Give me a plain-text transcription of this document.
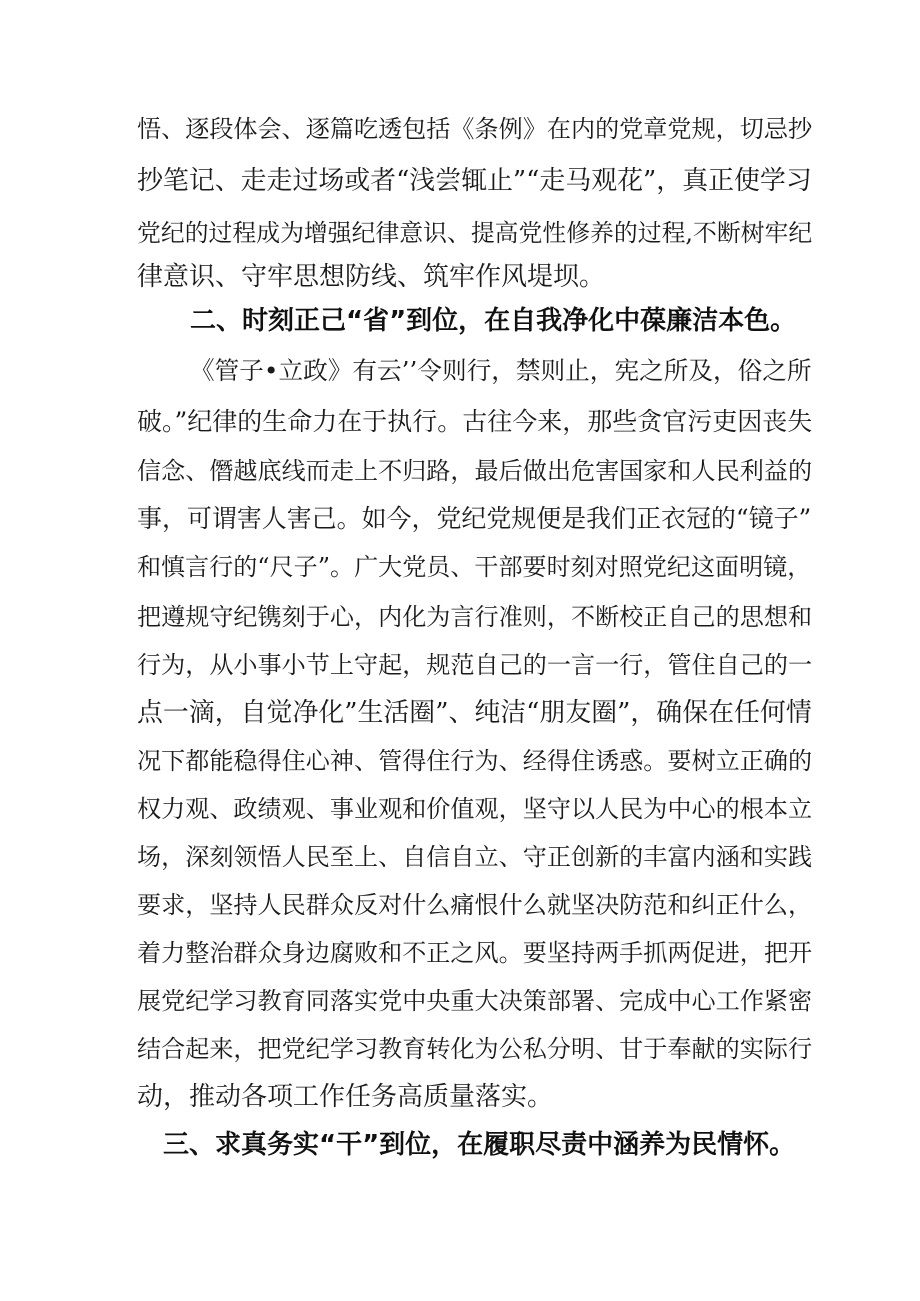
悟、逐段体会、逐篇吃透包括《条例》在内的党章党规，切忌抄
抄笔记、走走过场或者“浅尝辄止”“走马观花”，真正使学习
党纪的过程成为增强纪律意识、提高党性修养的过程,不断树牢纪
律意识、守牢思想防线、筑牢作风堤坝。
二、时刻正己“省”到位，在自我净化中葆廉洁本色。
《管子•立政》有云’’令则行，禁则止，宪之所及，俗之所
破。”纪律的生命力在于执行。古往今来，那些贪官污吏因丧失
信念、僭越底线而走上不归路，最后做出危害国家和人民利益的
事，可谓害人害己。如今，党纪党规便是我们正衣冠的“镜子”
和慎言行的“尺子”。广大党员、干部要时刻对照党纪这面明镜，
把遵规守纪镌刻于心，内化为言行准则，不断校正自己的思想和
行为，从小事小节上守起，规范自己的一言一行，管住自己的一
点一滴，自觉净化”生活圈”、纯洁“朋友圈”，确保在任何情
况下都能稳得住心神、管得住行为、经得住诱惑。要树立正确的
权力观、政绩观、事业观和价值观，坚守以人民为中心的根本立
场，深刻领悟人民至上、自信自立、守正创新的丰富内涵和实践
要求，坚持人民群众反对什么痛恨什么就坚决防范和纠正什么，
着力整治群众身边腐败和不正之风。要坚持两手抓两促进，把开
展党纪学习教育同落实党中央重大决策部署、完成中心工作紧密
结合起来，把党纪学习教育转化为公私分明、甘于奉献的实际行
动，推动各项工作任务高质量落实。
三、求真务实“干”到位，在履职尽责中涵养为民情怀。
